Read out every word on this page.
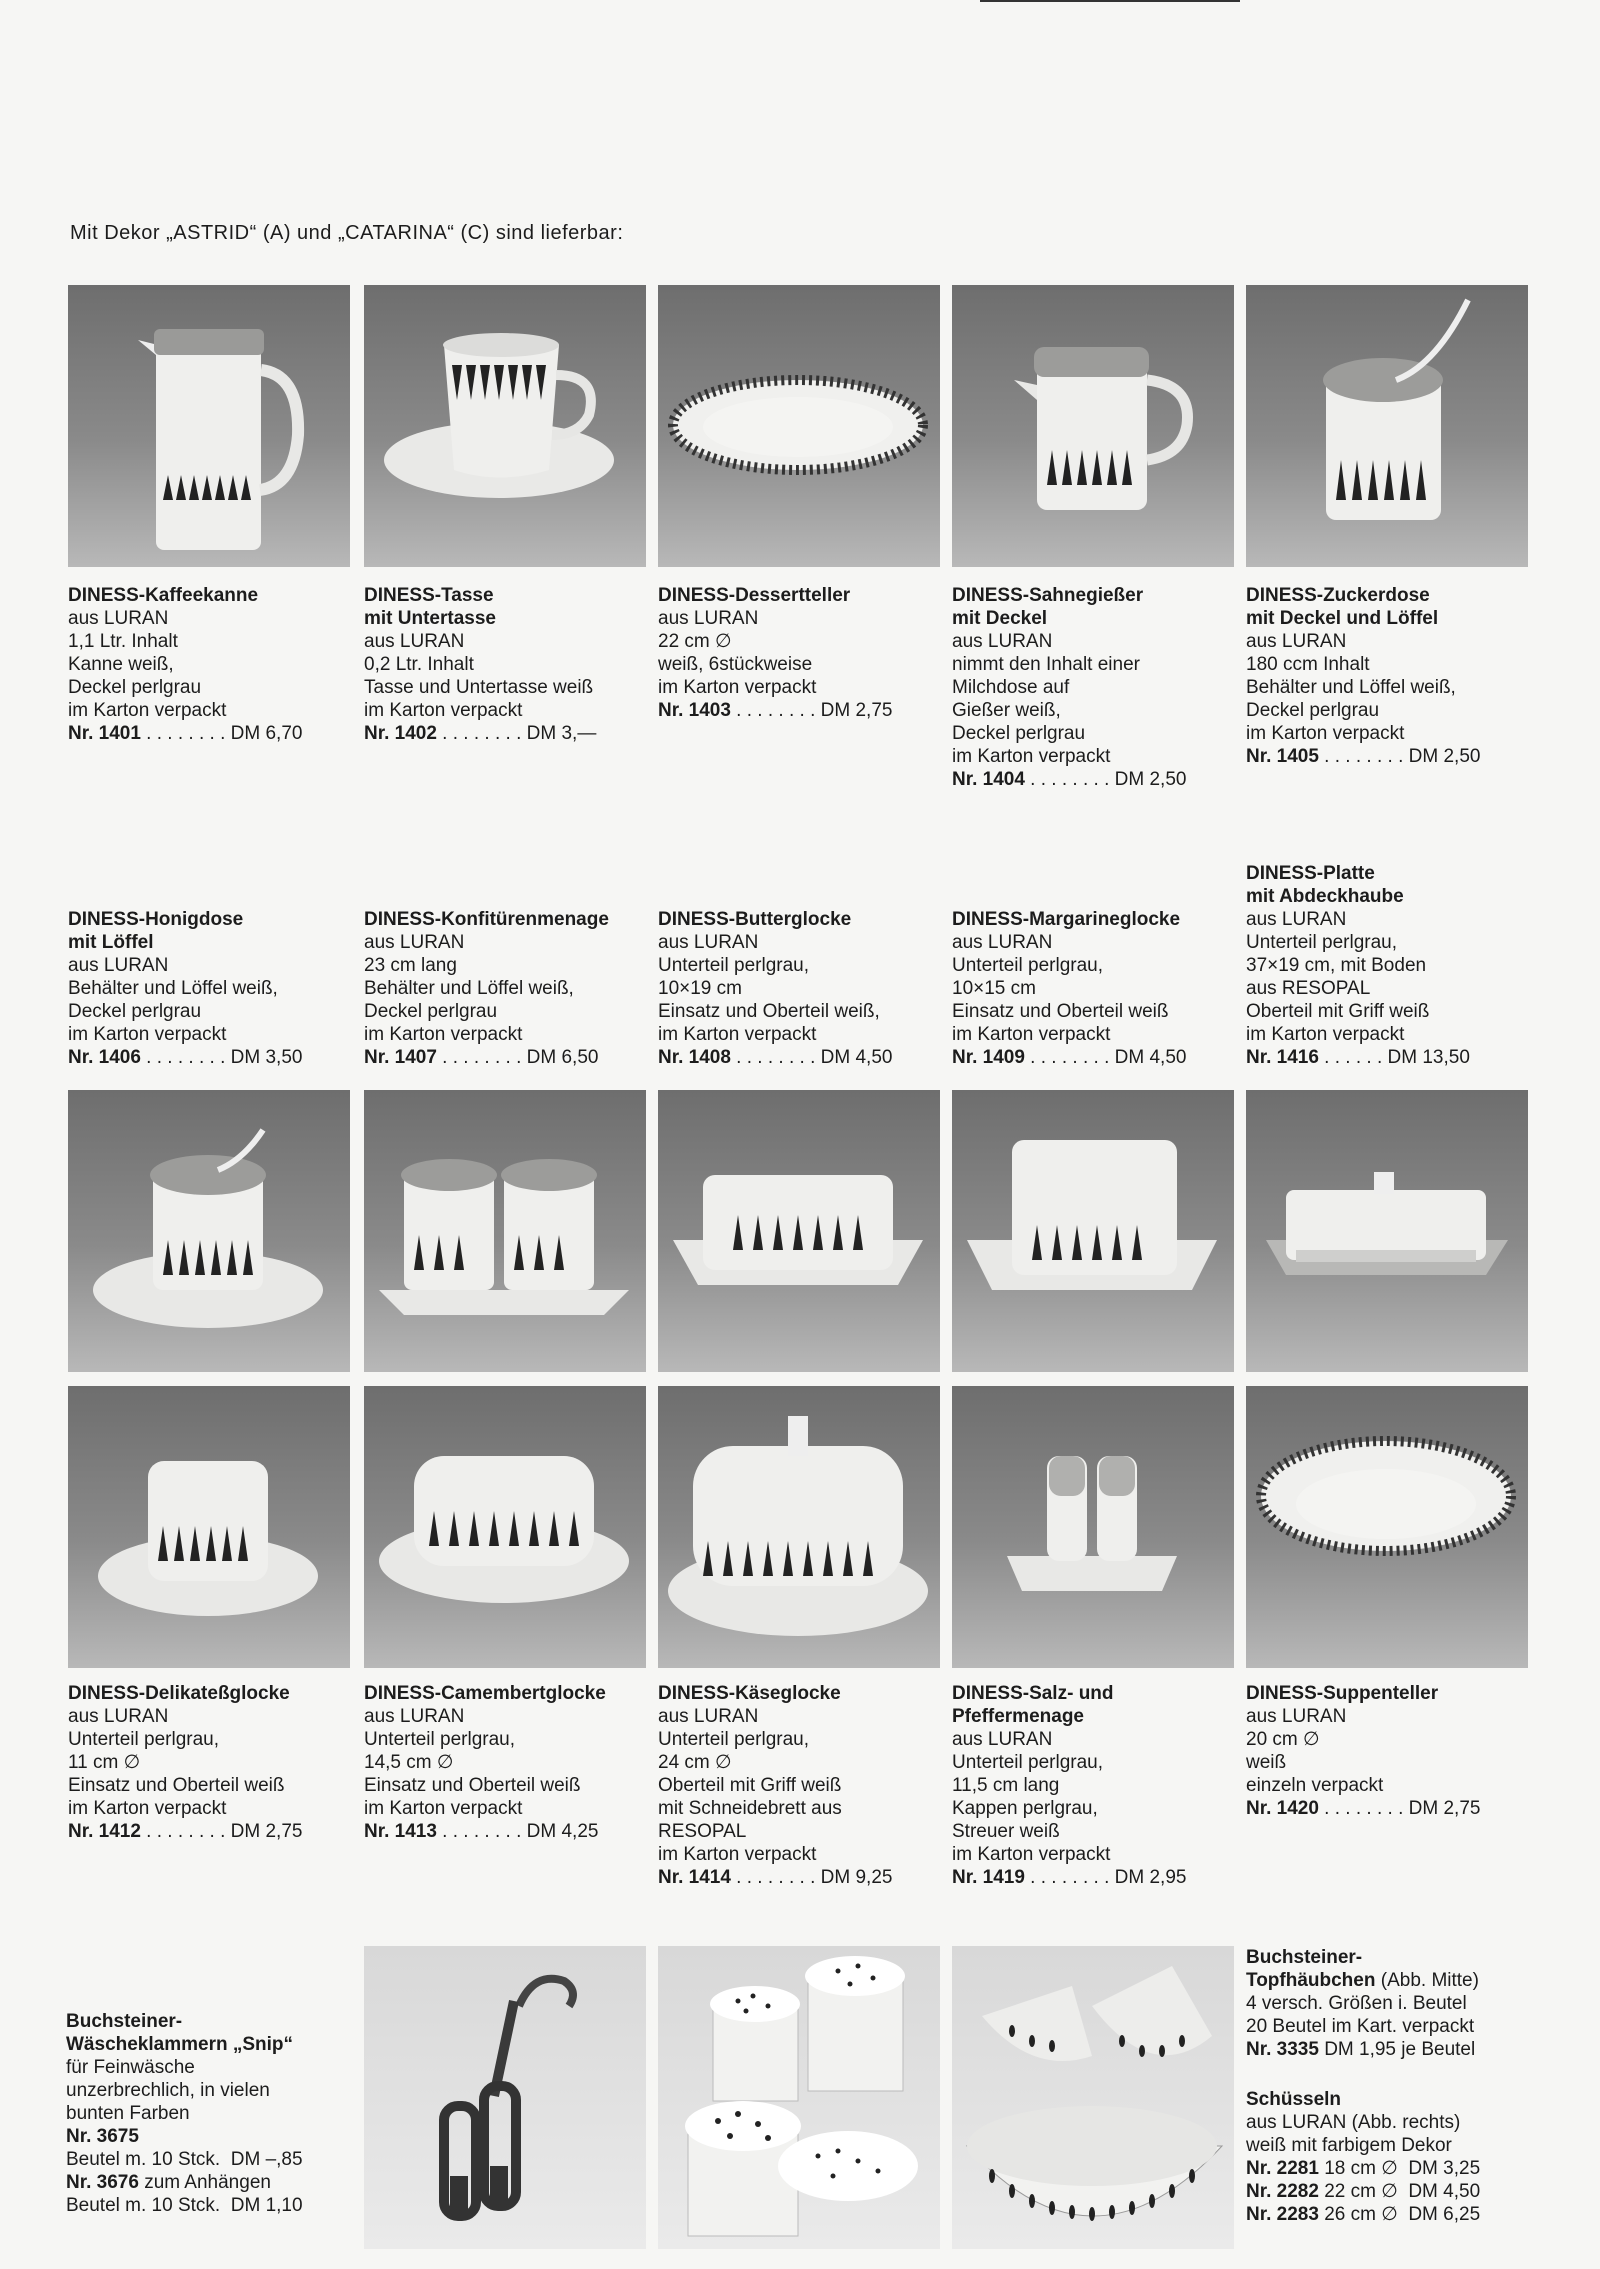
Mit Dekor „ASTRID“ (A) und „CATARINA“ (C) sind lieferbar:
DINESS-Kaffeekanne
aus LURAN
1,1 Ltr. Inhalt
Kanne weiß,
Deckel perlgrau
im Karton verpackt
Nr. 1401 . . . . . . . . DM 6,70
DINESS-Tasse
mit Untertasse
aus LURAN
0,2 Ltr. Inhalt
Tasse und Untertasse weiß
im Karton verpackt
Nr. 1402 . . . . . . . . DM 3,—
DINESS-Dessertteller
aus LURAN
22 cm ∅
weiß, 6stückweise
im Karton verpackt
Nr. 1403 . . . . . . . . DM 2,75
DINESS-Sahnegießer
mit Deckel
aus LURAN
nimmt den Inhalt einer
Milchdose auf
Gießer weiß,
Deckel perlgrau
im Karton verpackt
Nr. 1404 . . . . . . . . DM 2,50
DINESS-Zuckerdose
mit Deckel und Löffel
aus LURAN
180 ccm Inhalt
Behälter und Löffel weiß,
Deckel perlgrau
im Karton verpackt
Nr. 1405 . . . . . . . . DM 2,50
DINESS-Honigdose
mit Löffel
aus LURAN
Behälter und Löffel weiß,
Deckel perlgrau
im Karton verpackt
Nr. 1406 . . . . . . . . DM 3,50
DINESS-Konfitürenmenage
aus LURAN
23 cm lang
Behälter und Löffel weiß,
Deckel perlgrau
im Karton verpackt
Nr. 1407 . . . . . . . . DM 6,50
DINESS-Butterglocke
aus LURAN
Unterteil perlgrau,
10×19 cm
Einsatz und Oberteil weiß,
im Karton verpackt
Nr. 1408 . . . . . . . . DM 4,50
DINESS-Margarineglocke
aus LURAN
Unterteil perlgrau,
10×15 cm
Einsatz und Oberteil weiß
im Karton verpackt
Nr. 1409 . . . . . . . . DM 4,50
DINESS-Platte
mit Abdeckhaube
aus LURAN
Unterteil perlgrau,
37×19 cm, mit Boden
aus RESOPAL
Oberteil mit Griff weiß
im Karton verpackt
Nr. 1416 . . . . . . DM 13,50
DINESS-Delikateßglocke
aus LURAN
Unterteil perlgrau,
11 cm ∅
Einsatz und Oberteil weiß
im Karton verpackt
Nr. 1412 . . . . . . . . DM 2,75
DINESS-Camembertglocke
aus LURAN
Unterteil perlgrau,
14,5 cm ∅
Einsatz und Oberteil weiß
im Karton verpackt
Nr. 1413 . . . . . . . . DM 4,25
DINESS-Käseglocke
aus LURAN
Unterteil perlgrau,
24 cm ∅
Oberteil mit Griff weiß
mit Schneidebrett aus
RESOPAL
im Karton verpackt
Nr. 1414 . . . . . . . . DM 9,25
DINESS-Salz- und
Pfeffermenage
aus LURAN
Unterteil perlgrau,
11,5 cm lang
Kappen perlgrau,
Streuer weiß
im Karton verpackt
Nr. 1419 . . . . . . . . DM 2,95
DINESS-Suppenteller
aus LURAN
20 cm ∅
weiß
einzeln verpackt
Nr. 1420 . . . . . . . . DM 2,75
Buchsteiner-
Wäscheklammern „Snip“
für Feinwäsche
unzerbrechlich, in vielen
bunten Farben
Nr. 3675
Beutel m. 10 Stck. DM –,85
Nr. 3676 zum Anhängen
Beutel m. 10 Stck. DM 1,10
Buchsteiner-
Topfhäubchen (Abb. Mitte)
4 versch. Größen i. Beutel
20 Beutel im Kart. verpackt
Nr. 3335 DM 1,95 je Beutel
Schüsseln
aus LURAN (Abb. rechts)
weiß mit farbigem Dekor
Nr. 2281 18 cm ∅ DM 3,25
Nr. 2282 22 cm ∅ DM 4,50
Nr. 2283 26 cm ∅ DM 6,25
